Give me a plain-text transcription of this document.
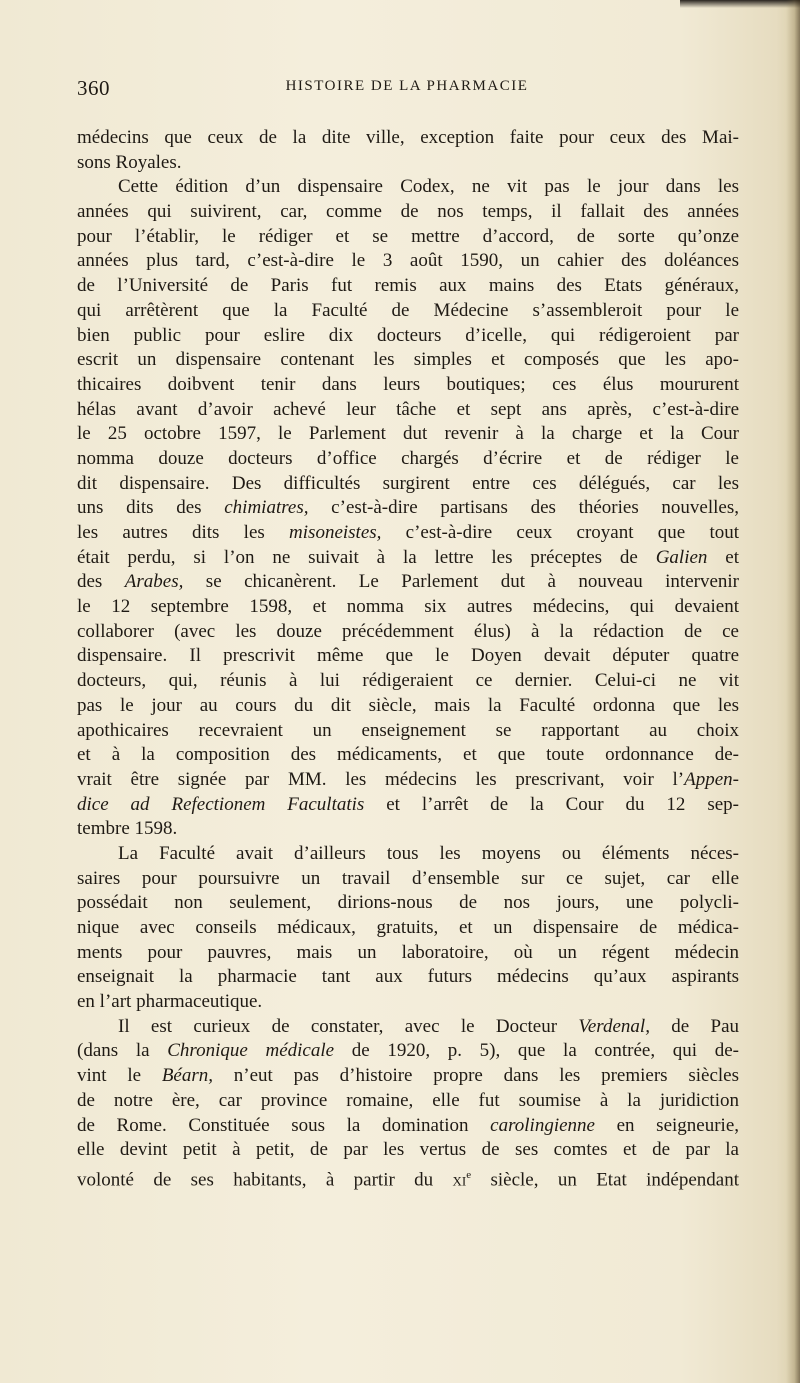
360	HISTOIRE DE LA PHARMACIE
médecins que ceux de la dite ville, exception faite pour ceux des Mai-
sons Royales.
Cette édition d’un dispensaire Codex, ne vit pas le jour dans les
années qui suivirent, car, comme de nos temps, il fallait des années
pour l’établir, le rédiger et se mettre d’accord, de sorte qu’onze
années plus tard, c’est-à-dire le 3 août 1590, un cahier des doléances
de l’Université de Paris fut remis aux mains des Etats généraux,
qui arrêtèrent que la Faculté de Médecine s’assembleroit pour le
bien public pour eslire dix docteurs d’icelle, qui rédigeroient par
escrit un dispensaire contenant les simples et composés que les apo-
thicaires doibvent tenir dans leurs boutiques; ces élus moururent
hélas avant d’avoir achevé leur tâche et sept ans après, c’est-à-dire
le 25 octobre 1597, le Parlement dut revenir à la charge et la Cour
nomma douze docteurs d’office chargés d’écrire et de rédiger le
dit dispensaire. Des difficultés surgirent entre ces délégués, car les
uns dits des chimiatres, c’est-à-dire partisans des théories nouvelles,
les autres dits les misoneistes, c’est-à-dire ceux croyant que tout
était perdu, si l’on ne suivait à la lettre les préceptes de Galien et
des Arabes, se chicanèrent. Le Parlement dut à nouveau intervenir
le 12 septembre 1598, et nomma six autres médecins, qui devaient
collaborer (avec les douze précédemment élus) à la rédaction de ce
dispensaire. Il prescrivit même que le Doyen devait députer quatre
docteurs, qui, réunis à lui rédigeraient ce dernier. Celui-ci ne vit
pas le jour au cours du dit siècle, mais la Faculté ordonna que les
apothicaires recevraient un enseignement se rapportant au choix
et à la composition des médicaments, et que toute ordonnance de-
vrait être signée par MM. les médecins les prescrivant, voir l’Appen-
dice ad Refectionem Facultatis et l’arrêt de la Cour du 12 sep-
tembre 1598.
La Faculté avait d’ailleurs tous les moyens ou éléments néces-
saires pour poursuivre un travail d’ensemble sur ce sujet, car elle
possédait non seulement, dirions-nous de nos jours, une polycli-
nique avec conseils médicaux, gratuits, et un dispensaire de médica-
ments pour pauvres, mais un laboratoire, où un régent médecin
enseignait la pharmacie tant aux futurs médecins qu’aux aspirants
en l’art pharmaceutique.
Il est curieux de constater, avec le Docteur Verdenal, de Pau
(dans la Chronique médicale de 1920, p. 5), que la contrée, qui de-
vint le Béarn, n’eut pas d’histoire propre dans les premiers siècles
de notre ère, car province romaine, elle fut soumise à la juridiction
de Rome. Constituée sous la domination carolingienne en seigneurie,
elle devint petit à petit, de par les vertus de ses comtes et de par la
volonté de ses habitants, à partir du $xi^e$ siècle, un Etat indépendant
